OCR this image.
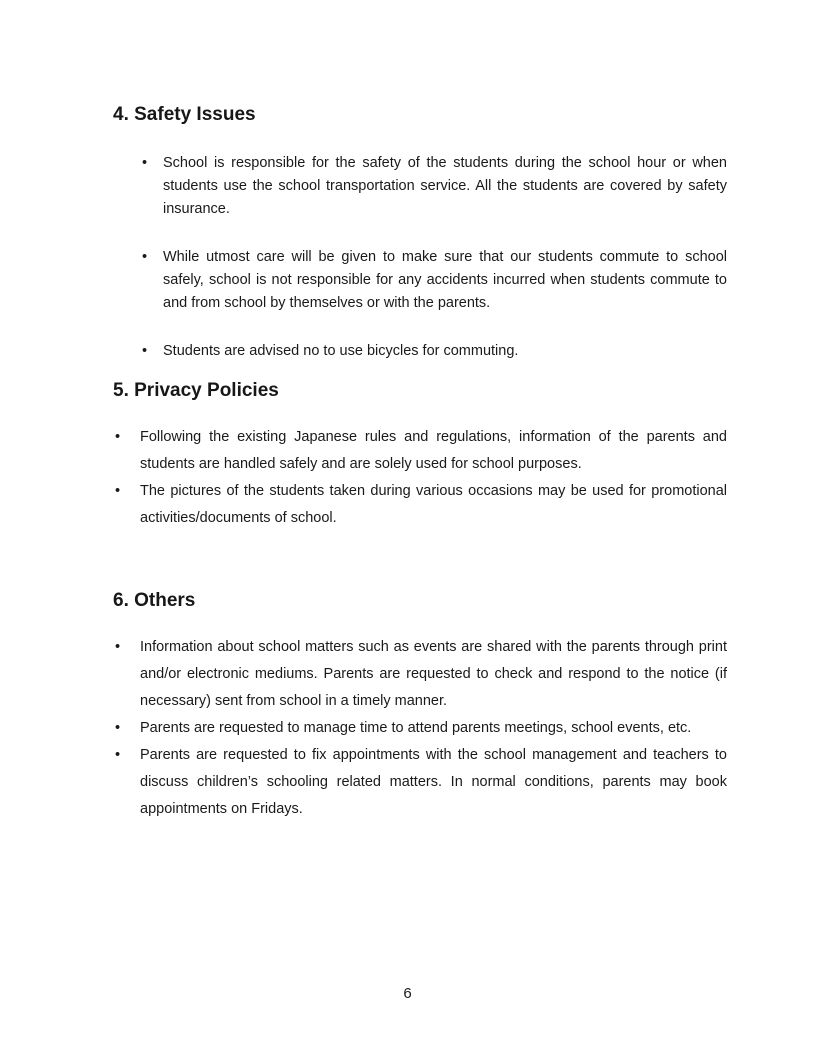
4. Safety Issues
•	School is responsible for the safety of the students during the school hour or when students use the school transportation service. All the students are covered by safety insurance.
•	While utmost care will be given to make sure that our students commute to school safely, school is not responsible for any accidents incurred when students commute to and from school by themselves or with the parents.
•	Students are advised no to use bicycles for commuting.
5. Privacy Policies
•	Following the existing Japanese rules and regulations, information of the parents and students are handled safely and are solely used for school purposes.
•	The pictures of the students taken during various occasions may be used for promotional activities/documents of school.
6. Others
•	Information about school matters such as events are shared with the parents through print and/or electronic mediums. Parents are requested to check and respond to the notice (if necessary) sent from school in a timely manner.
•	Parents are requested to manage time to attend parents meetings, school events, etc.
•	Parents are requested to fix appointments with the school management and teachers to discuss children’s schooling related matters. In normal conditions, parents may book appointments on Fridays.
6
